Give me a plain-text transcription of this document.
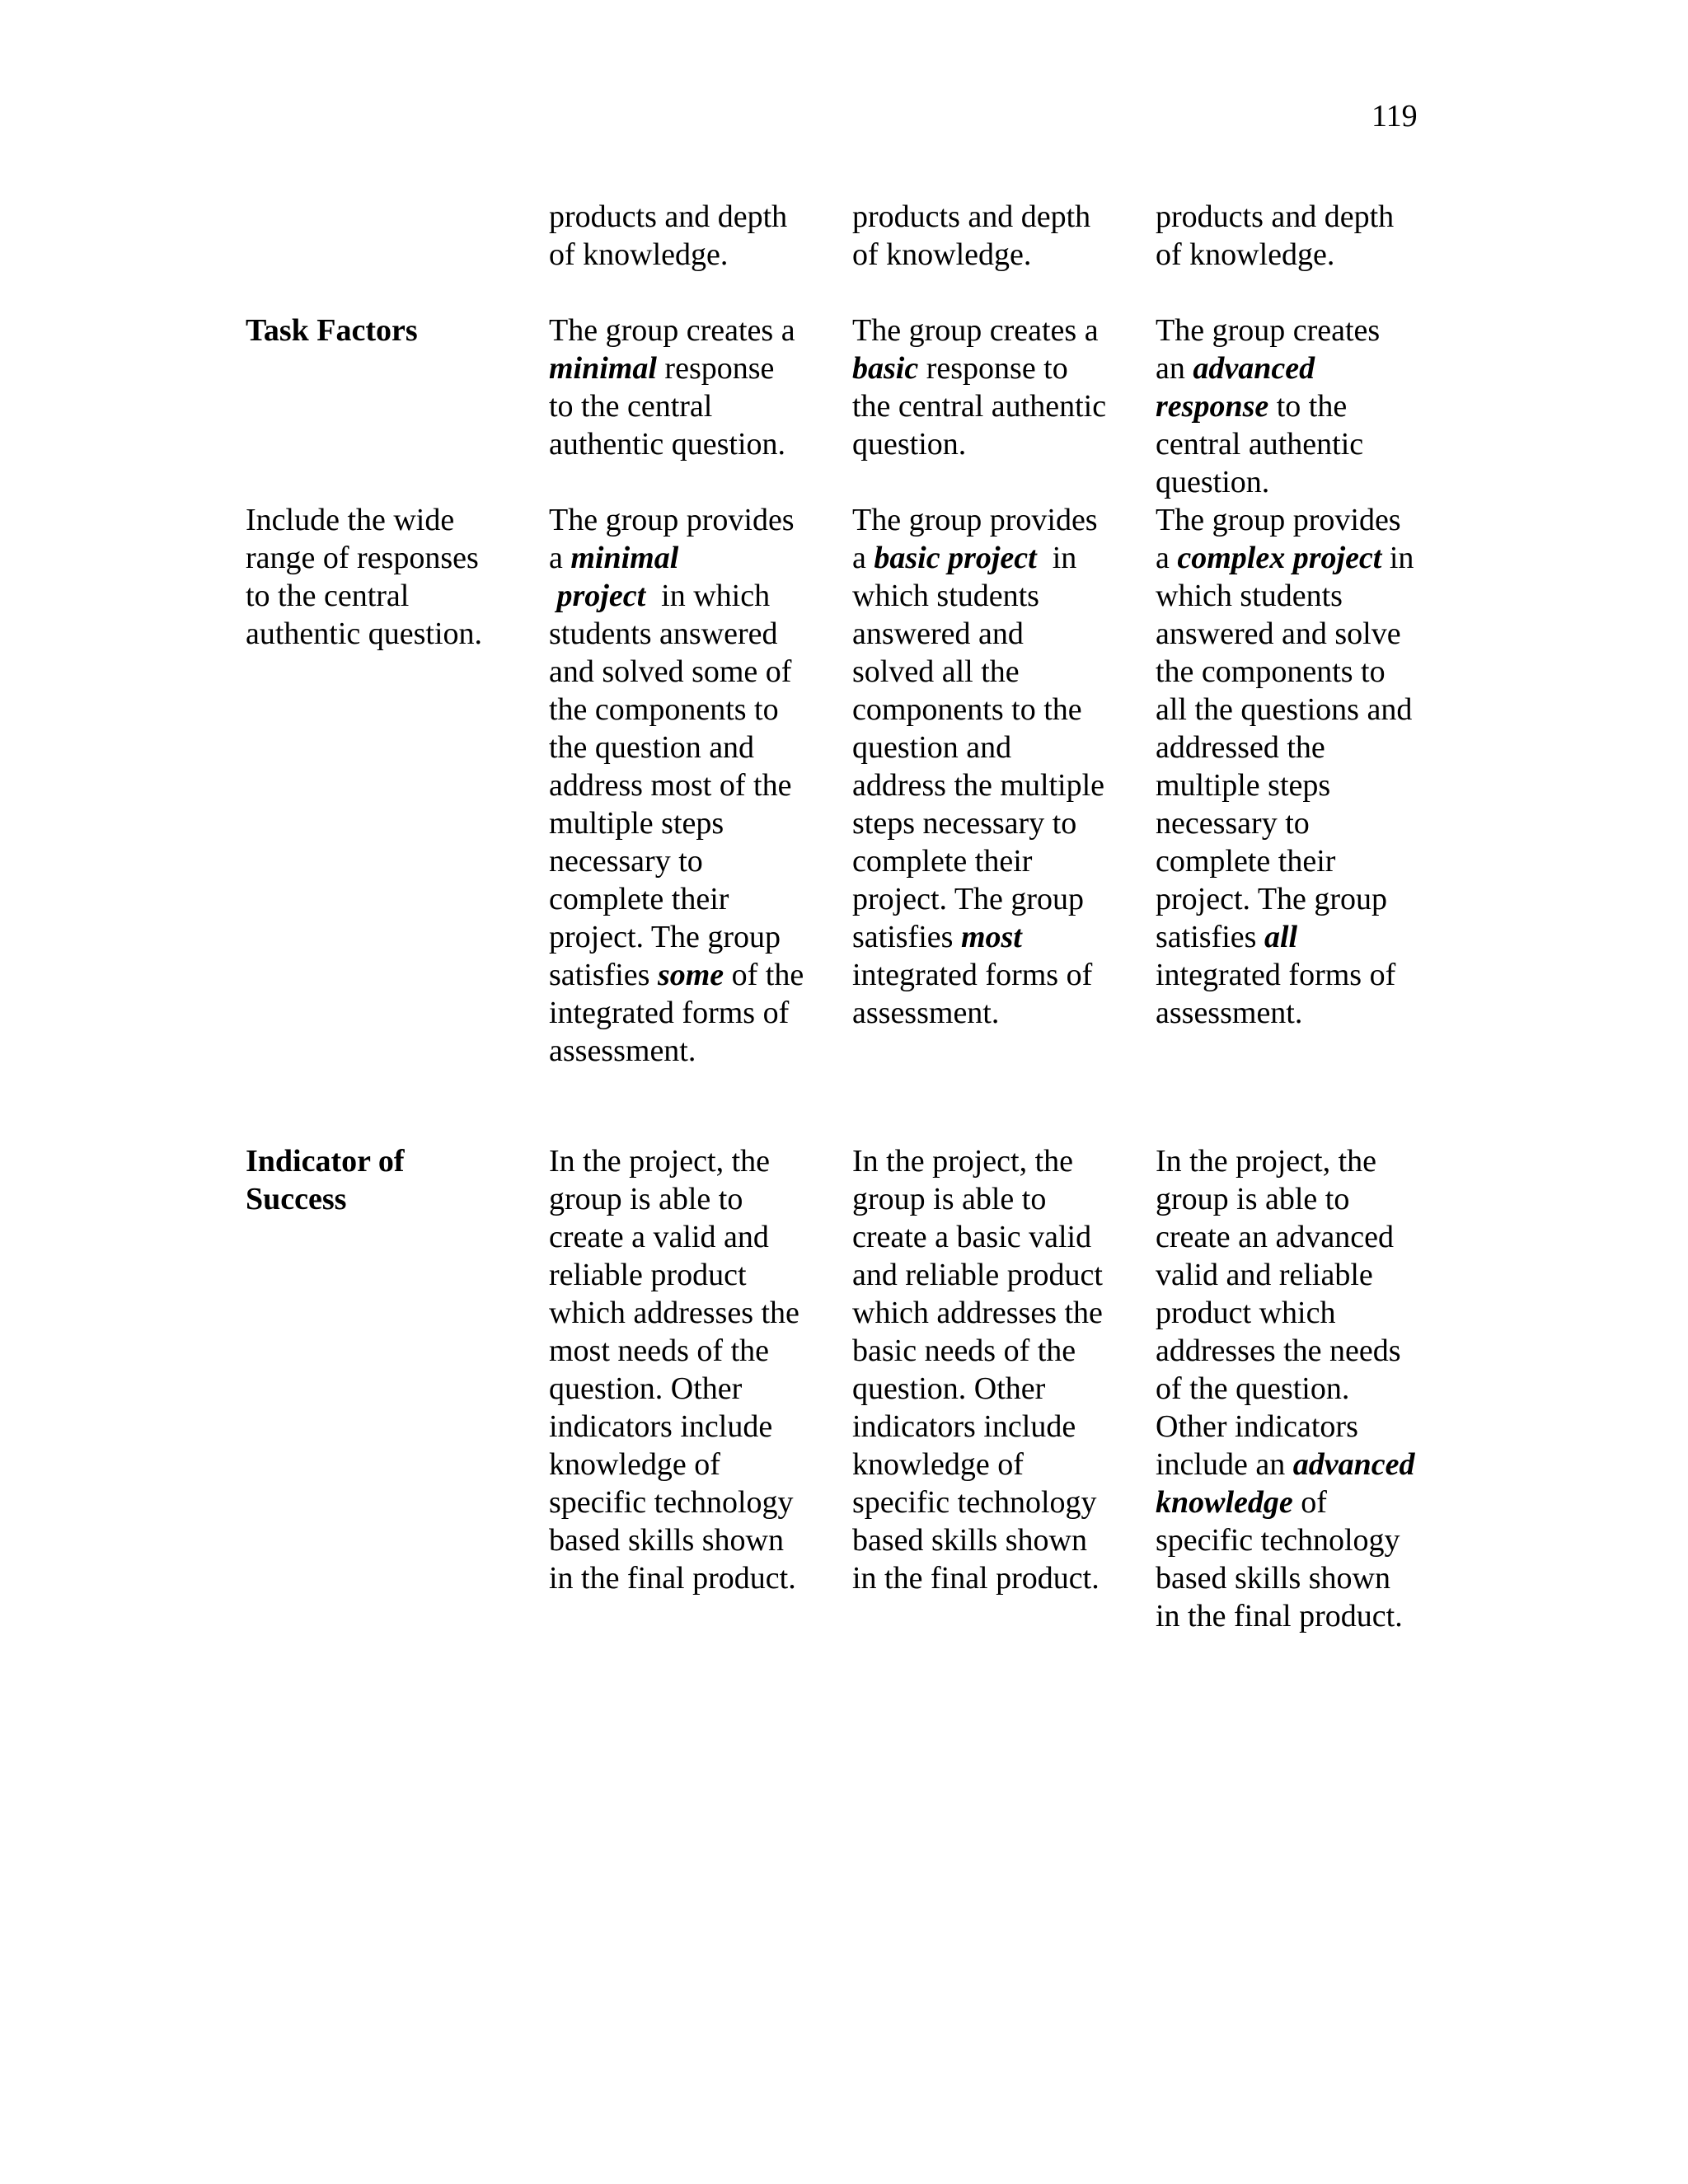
119
products and depth
of knowledge.
products and depth
of knowledge.
products and depth
of knowledge.
Task Factors	The group creates a
minimal response
to the central
authentic question.
The group creates a
basic response to
the central authentic
question.
The group creates
an advanced
response to the
central authentic
question.
Include the wide
range of responses
to the central
authentic question.
The group provides
a minimal
project  in which
students answered
and solved some of
the components to
the question and
address most of the
multiple steps
necessary to
complete their
project. The group
satisfies some of the
integrated forms of
assessment.
The group provides
a basic project  in
which students
answered and
solved all the
components to the
question and
address the multiple
steps necessary to
complete their
project. The group
satisfies most
integrated forms of
assessment.
The group provides
a complex project in
which students
answered and solve
the components to
all the questions and
addressed the
multiple steps
necessary to
complete their
project. The group
satisfies all
integrated forms of
assessment.
Indicator of
Success
In the project, the
group is able to
create a valid and
reliable product
which addresses the
most needs of the
question. Other
indicators include
knowledge of
specific technology
based skills shown
in the final product.
In the project, the
group is able to
create a basic valid
and reliable product
which addresses the
basic needs of the
question. Other
indicators include
knowledge of
specific technology
based skills shown
in the final product.
In the project, the
group is able to
create an advanced
valid and reliable
product which
addresses the needs
of the question.
Other indicators
include an advanced
knowledge of
specific technology
based skills shown
in the final product.
